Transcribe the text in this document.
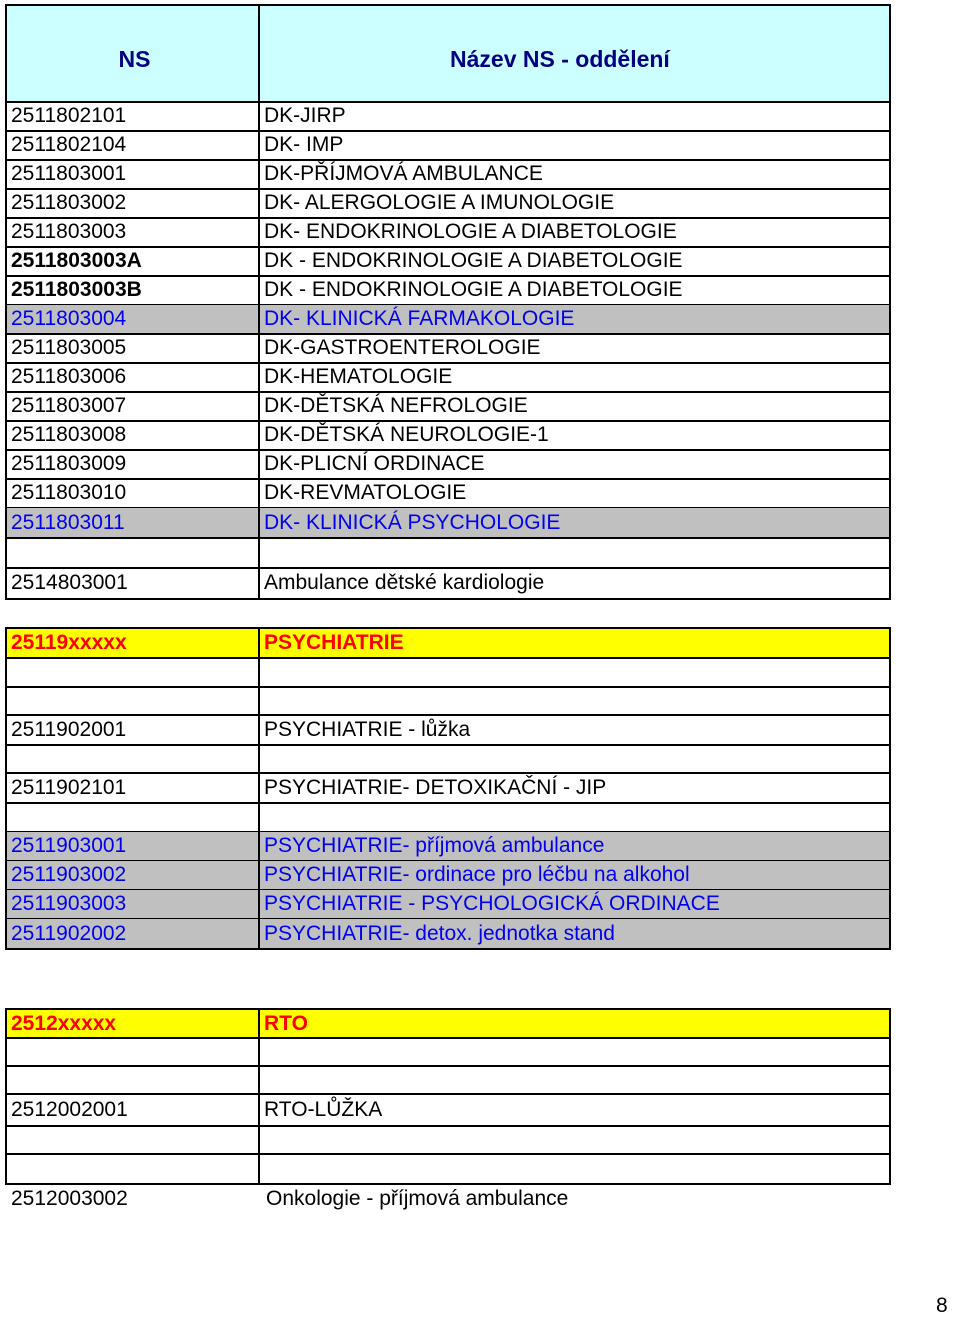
NS	Název NS - oddělení
2511802101	DK-JIRP
2511802104	DK- IMP
2511803001	DK-PŘÍJMOVÁ AMBULANCE
2511803002	DK- ALERGOLOGIE A IMUNOLOGIE
2511803003	DK- ENDOKRINOLOGIE A DIABETOLOGIE
2511803003A	DK - ENDOKRINOLOGIE A DIABETOLOGIE
2511803003B	DK - ENDOKRINOLOGIE A DIABETOLOGIE
2511803004	DK- KLINICKÁ FARMAKOLOGIE
2511803005	DK-GASTROENTEROLOGIE
2511803006	DK-HEMATOLOGIE
2511803007	DK-DĚTSKÁ NEFROLOGIE
2511803008	DK-DĚTSKÁ NEUROLOGIE-1
2511803009	DK-PLICNÍ ORDINACE
2511803010	DK-REVMATOLOGIE
2511803011	DK- KLINICKÁ PSYCHOLOGIE
2514803001	Ambulance dětské kardiologie
25119xxxxx	PSYCHIATRIE
2511902001	PSYCHIATRIE - lůžka
2511902101	PSYCHIATRIE- DETOXIKAČNÍ - JIP
2511903001	PSYCHIATRIE- příjmová ambulance
2511903002	PSYCHIATRIE- ordinace pro léčbu na alkohol
2511903003	PSYCHIATRIE - PSYCHOLOGICKÁ ORDINACE
2511902002	PSYCHIATRIE- detox. jednotka stand
2512xxxxx	RTO
2512002001	RTO-LŮŽKA
2512003002	Onkologie - příjmová ambulance
8
